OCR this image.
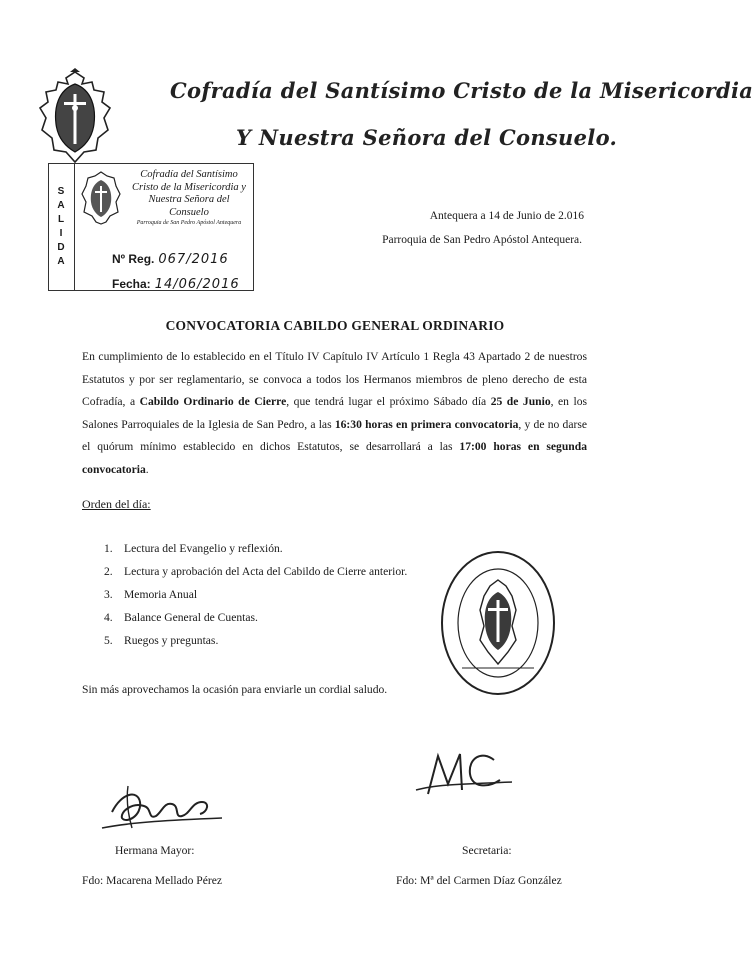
Cofradía del Santísimo Cristo de la Misericordia
Y Nuestra Señora del Consuelo.
S
A
L
I
D
A
Cofradía del Santísimo
Cristo de la Misericordia y
Nuestra Señora del
Consuelo
Parroquia de San Pedro Apóstol Antequera
Nº Reg. 067/2016
Fecha: 14/06/2016
Antequera a 14 de Junio de 2.016
Parroquia de San Pedro Apóstol Antequera.
CONVOCATORIA CABILDO GENERAL ORDINARIO
En cumplimiento de lo establecido en el Título IV Capítulo IV Artículo 1 Regla 43 Apartado 2 de nuestros Estatutos y por ser reglamentario, se convoca a todos los Hermanos miembros de pleno derecho de esta Cofradía, a Cabildo Ordinario de Cierre, que tendrá lugar el próximo Sábado día 25 de Junio, en los Salones Parroquiales de la Iglesia de San Pedro, a las 16:30 horas en primera convocatoria, y de no darse el quórum mínimo establecido en dichos Estatutos, se desarrollará a las 17:00 horas en segunda convocatoria.
Orden del día:
1. Lectura del Evangelio y reflexión.
2. Lectura y aprobación del Acta del Cabildo de Cierre anterior.
3. Memoria Anual
4. Balance General de Cuentas.
5. Ruegos y preguntas.
Sin más aprovechamos la ocasión para enviarle un cordial saludo.
Hermana Mayor:
Fdo: Macarena Mellado Pérez
Secretaria:
Fdo: Mª del Carmen Díaz González
